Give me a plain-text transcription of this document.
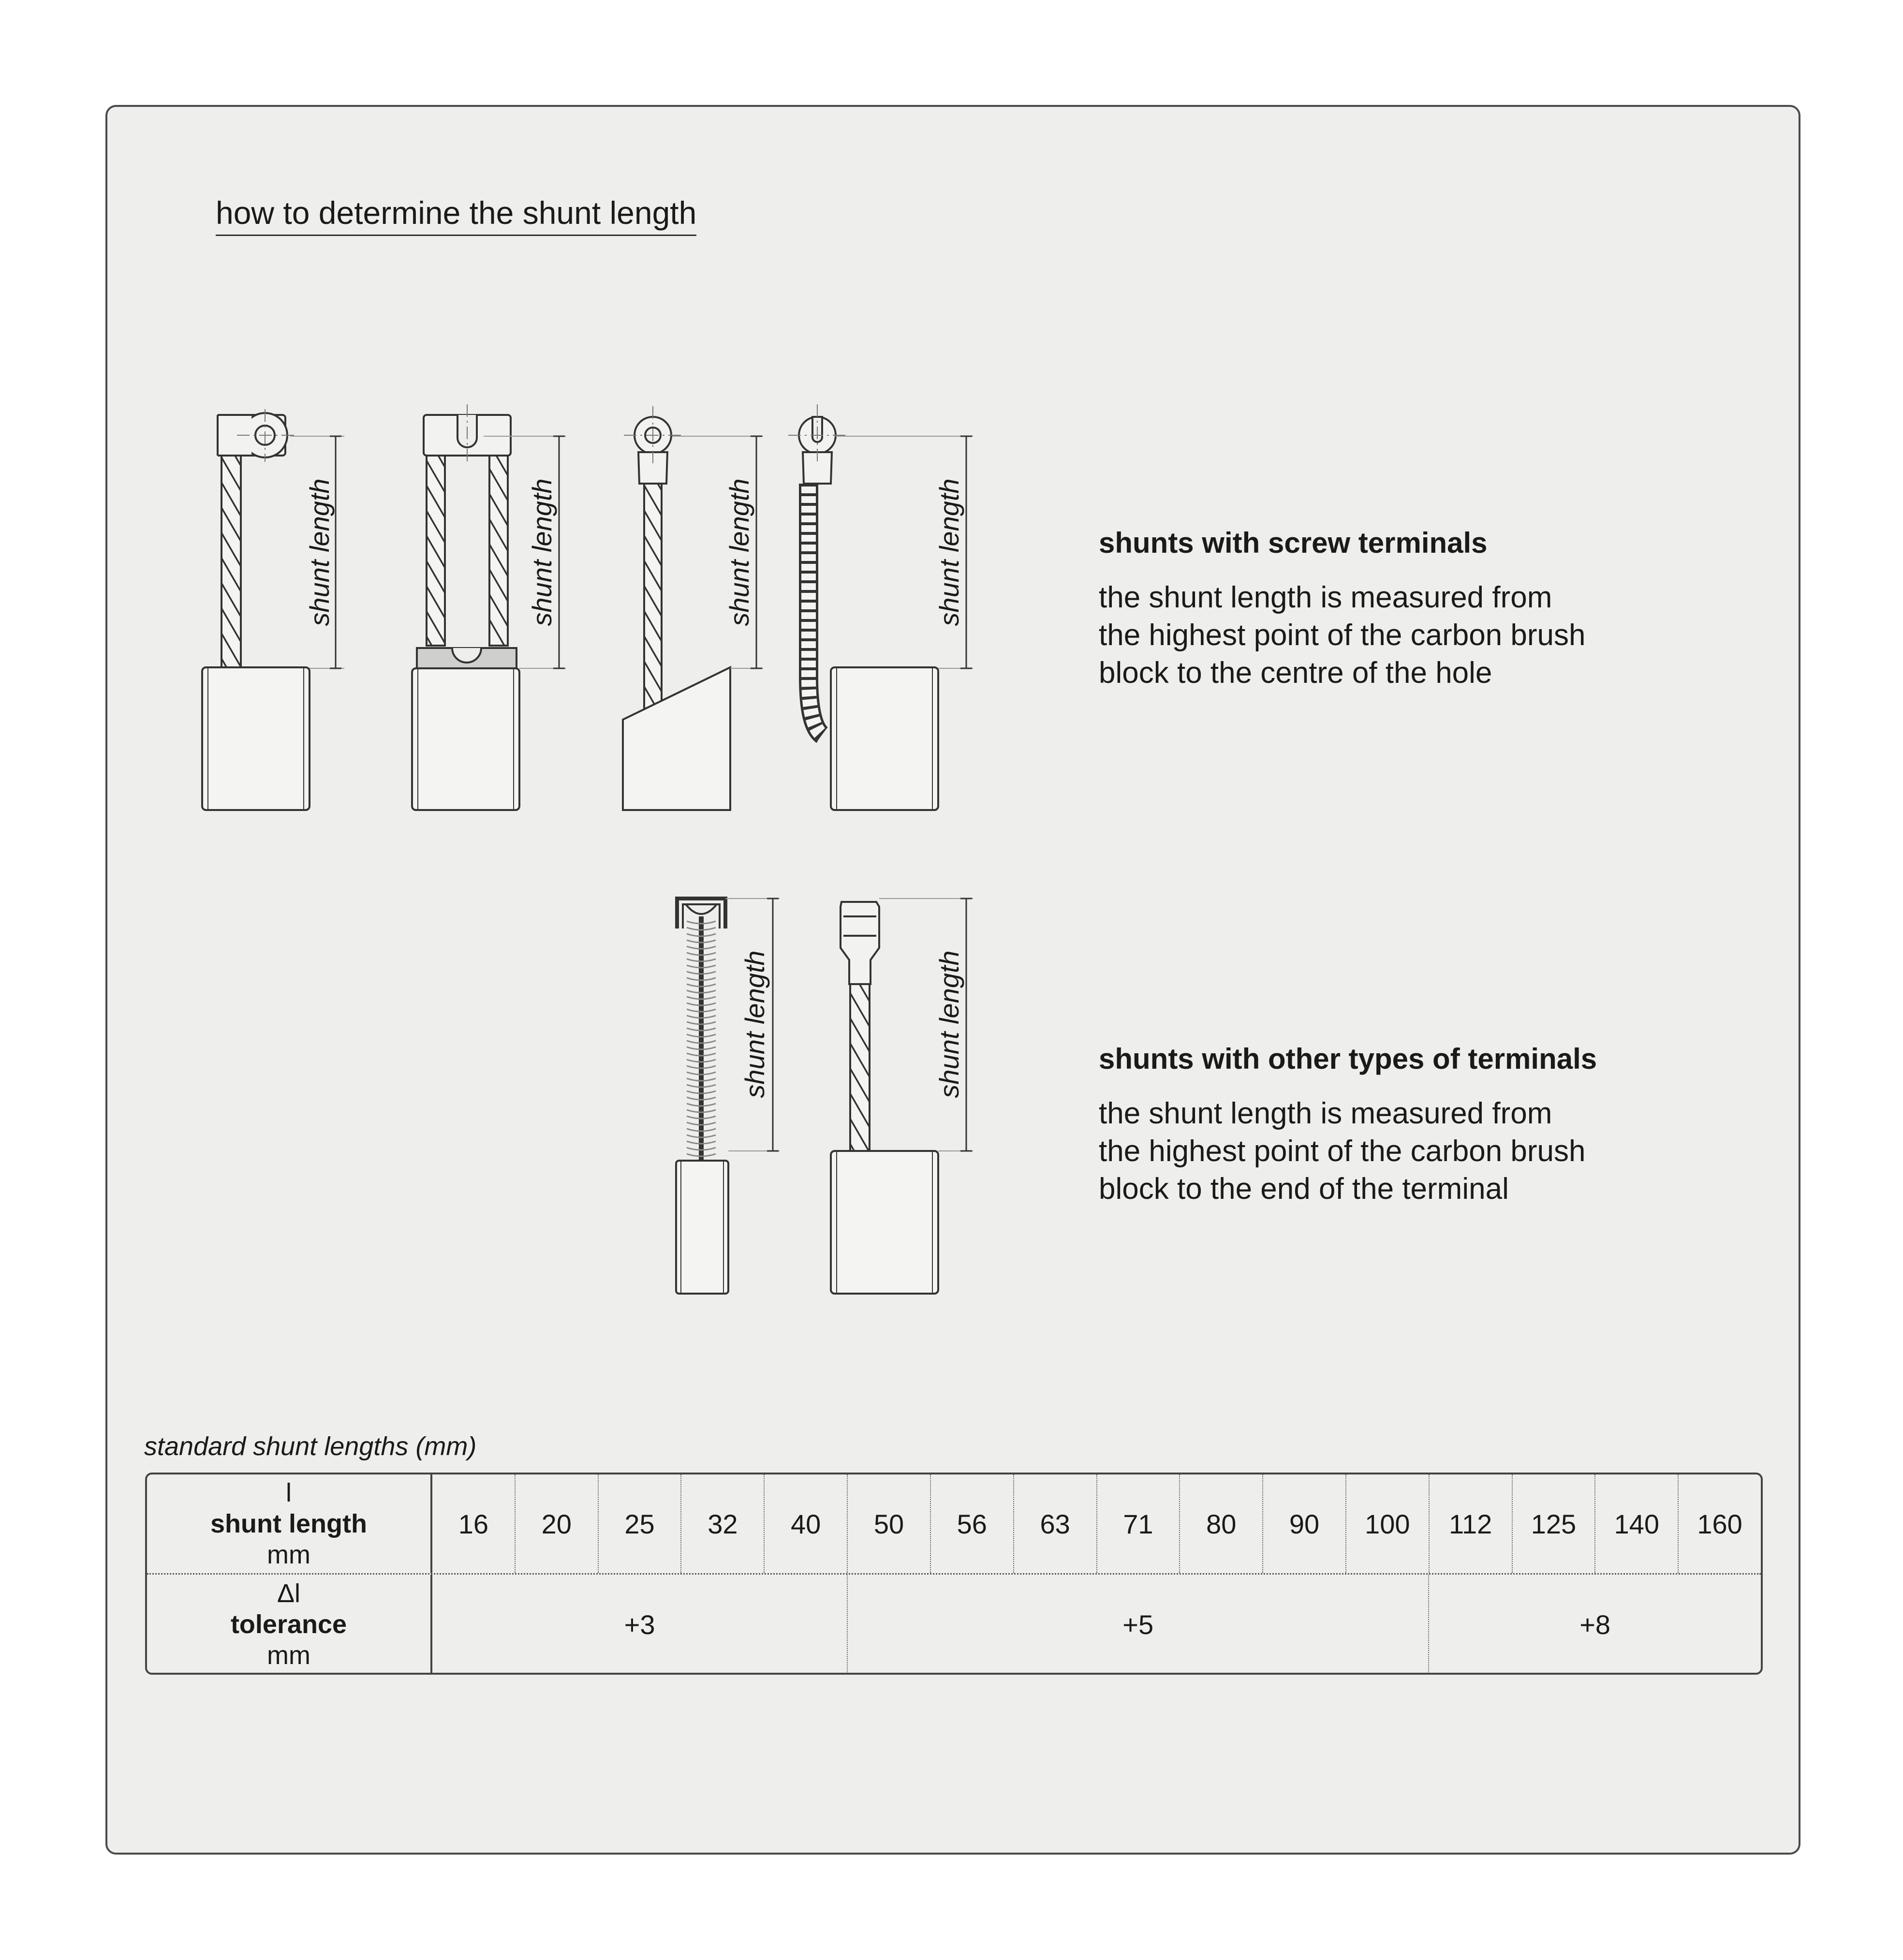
how to determine the shunt length
shunt length	shunt length	shunt length	shunt length
shunt length	shunt length
shunts with screw terminals
the shunt length is measured from
the highest point of the carbon brush
block to the centre of the hole
shunts with other types of terminals
the shunt length is measured from
the highest point of the carbon brush
block to the end of the terminal
standard shunt lengths (mm)
l
shunt length
mm
16	20	25	32	40	50	56	63	71	80	90	100	112	125	140	160
Δl
tolerance
mm
+3	+5	+8
